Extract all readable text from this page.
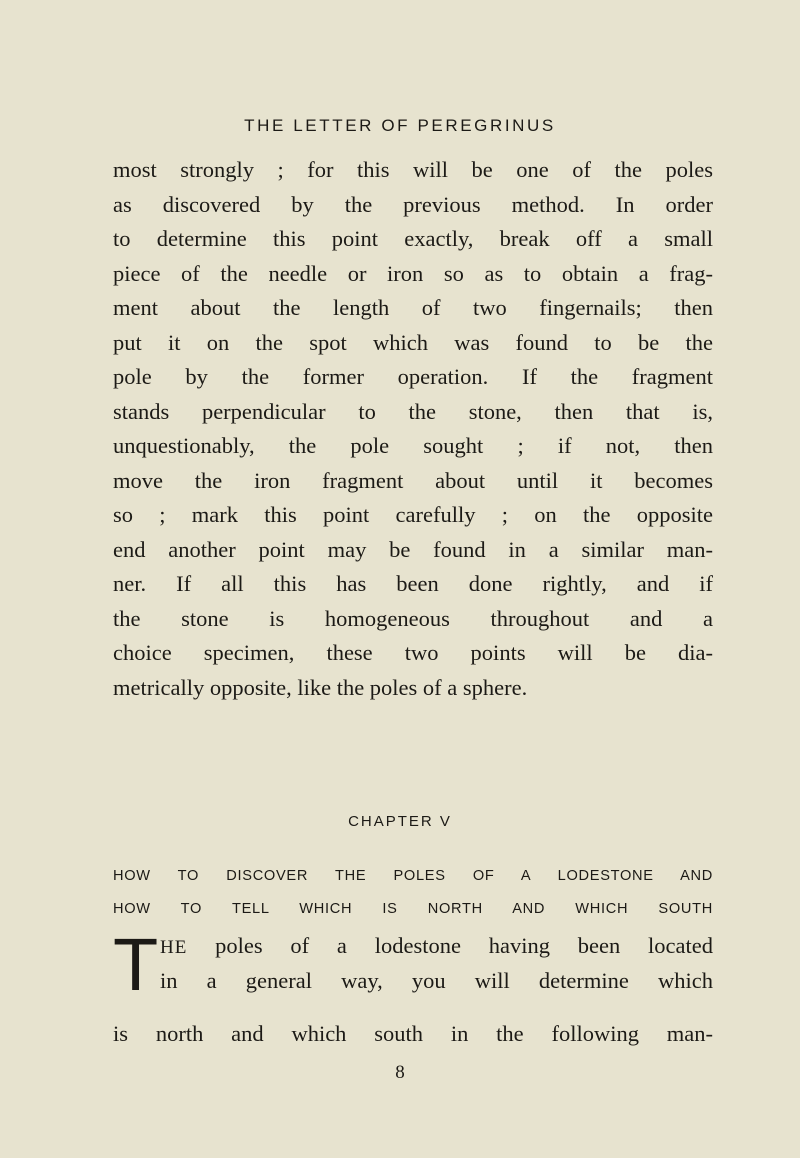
THE LETTER OF PEREGRINUS
most strongly ; for this will be one of the poles
as discovered by the previous method. In order
to determine this point exactly, break off a small
piece of the needle or iron so as to obtain a frag-
ment about the length of two fingernails; then
put it on the spot which was found to be the
pole by the former operation. If the fragment
stands perpendicular to the stone, then that is,
unquestionably, the pole sought ; if not, then
move the iron fragment about until it becomes
so ; mark this point carefully ; on the opposite
end another point may be found in a similar man-
ner. If all this has been done rightly, and if
the stone is homogeneous throughout and a
choice specimen, these two points will be dia-
metrically opposite, like the poles of a sphere.
CHAPTER V
HOW TO DISCOVER THE POLES OF A LODESTONE AND
HOW TO TELL WHICH IS NORTH AND WHICH SOUTH
T HE poles of a lodestone having been located
in a general way, you will determine which
is north and which south in the following man-
8
